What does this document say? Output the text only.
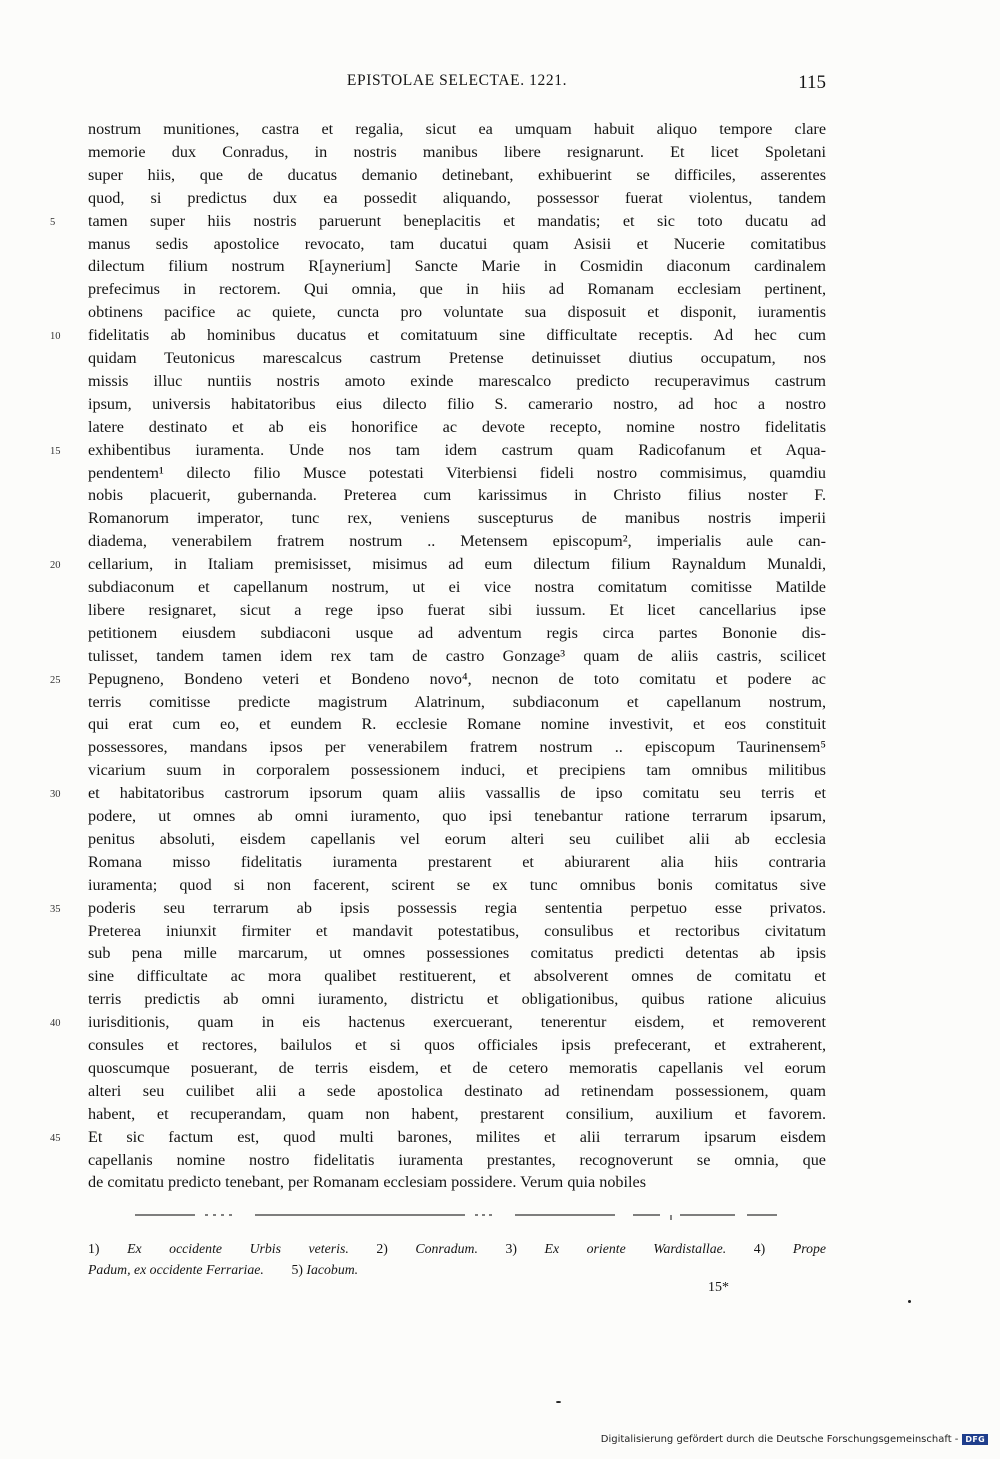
EPISTOLAE SELECTAE. 1221.	115
nostrum munitiones, castra et regalia, sicut ea umquam habuit aliquo tempore clare
memorie dux Conradus, in nostris manibus libere resignarunt. Et licet Spoletani
super hiis, que de ducatus demanio detinebant, exhibuerint se difficiles, asserentes
quod, si predictus dux ea possedit aliquando, possessor fuerat violentus, tandem
tamen super hiis nostris paruerunt beneplacitis et mandatis; et sic toto ducatu ad
manus sedis apostolice revocato, tam ducatui quam Asisii et Nucerie comitatibus
dilectum filium nostrum R[aynerium] Sancte Marie in Cosmidin diaconum cardinalem
prefecimus in rectorem. Qui omnia, que in hiis ad Romanam ecclesiam pertinent,
obtinens pacifice ac quiete, cuncta pro voluntate sua disposuit et disponit, iuramentis
fidelitatis ab hominibus ducatus et comitatuum sine difficultate receptis. Ad hec cum
quidam Teutonicus marescalcus castrum Pretense detinuisset diutius occupatum, nos
missis illuc nuntiis nostris amoto exinde marescalco predicto recuperavimus castrum
ipsum, universis habitatoribus eius dilecto filio S. camerario nostro, ad hoc a nostro
latere destinato et ab eis honorifice ac devote recepto, nomine nostro fidelitatis
exhibentibus iuramenta. Unde nos tam idem castrum quam Radicofanum et Aqua-
pendentem¹ dilecto filio Musce potestati Viterbiensi fideli nostro commisimus, quamdiu
nobis placuerit, gubernanda. Preterea cum karissimus in Christo filius noster F.
Romanorum imperator, tunc rex, veniens suscepturus de manibus nostris imperii
diadema, venerabilem fratrem nostrum .. Metensem episcopum², imperialis aule can-
cellarium, in Italiam premisisset, misimus ad eum dilectum filium Raynaldum Munaldi,
subdiaconum et capellanum nostrum, ut ei vice nostra comitatum comitisse Matilde
libere resignaret, sicut a rege ipso fuerat sibi iussum. Et licet cancellarius ipse
petitionem eiusdem subdiaconi usque ad adventum regis circa partes Bononie dis-
tulisset, tandem tamen idem rex tam de castro Gonzage³ quam de aliis castris, scilicet
Pepugneno, Bondeno veteri et Bondeno novo⁴, necnon de toto comitatu et podere ac
terris comitisse predicte magistrum Alatrinum, subdiaconum et capellanum nostrum,
qui erat cum eo, et eundem R. ecclesie Romane nomine investivit, et eos constituit
possessores, mandans ipsos per venerabilem fratrem nostrum .. episcopum Taurinensem⁵
vicarium suum in corporalem possessionem induci, et precipiens tam omnibus militibus
et habitatoribus castrorum ipsorum quam aliis vassallis de ipso comitatu seu terris et
podere, ut omnes ab omni iuramento, quo ipsi tenebantur ratione terrarum ipsarum,
penitus absoluti, eisdem capellanis vel eorum alteri seu cuilibet alii ab ecclesia
Romana misso fidelitatis iuramenta prestarent et abiurarent alia hiis contraria
iuramenta; quod si non facerent, scirent se ex tunc omnibus bonis comitatus sive
poderis seu terrarum ab ipsis possessis regia sententia perpetuo esse privatos.
Preterea iniunxit firmiter et mandavit potestatibus, consulibus et rectoribus civitatum
sub pena mille marcarum, ut omnes possessiones comitatus predicti detentas ab ipsis
sine difficultate ac mora qualibet restituerent, et absolverent omnes de comitatu et
terris predictis ab omni iuramento, districtu et obligationibus, quibus ratione alicuius
iurisditionis, quam in eis hactenus exercuerant, tenerentur eisdem, et removerent
consules et rectores, bailulos et si quos officiales ipsis prefecerant, et extraherent,
quoscumque posuerant, de terris eisdem, et de cetero memoratis capellanis vel eorum
alteri seu cuilibet alii a sede apostolica destinato ad retinendam possessionem, quam
habent, et recuperandam, quam non habent, prestarent consilium, auxilium et favorem.
Et sic factum est, quod multi barones, milites et alii terrarum ipsarum eisdem
capellanis nomine nostro fidelitatis iuramenta prestantes, recognoverunt se omnia, que
de comitatu predicto tenebant, per Romanam ecclesiam possidere. Verum quia nobiles
5
10
15
20
25
30
35
40
45
1) Ex occidente Urbis veteris. 2) Conradum. 3) Ex oriente Wardistallae. 4) Prope
Padum, ex occidente Ferrariae. 5) Iacobum.
15*
Digitalisierung gefördert durch die Deutsche Forschungsgemeinschaft - DFG
